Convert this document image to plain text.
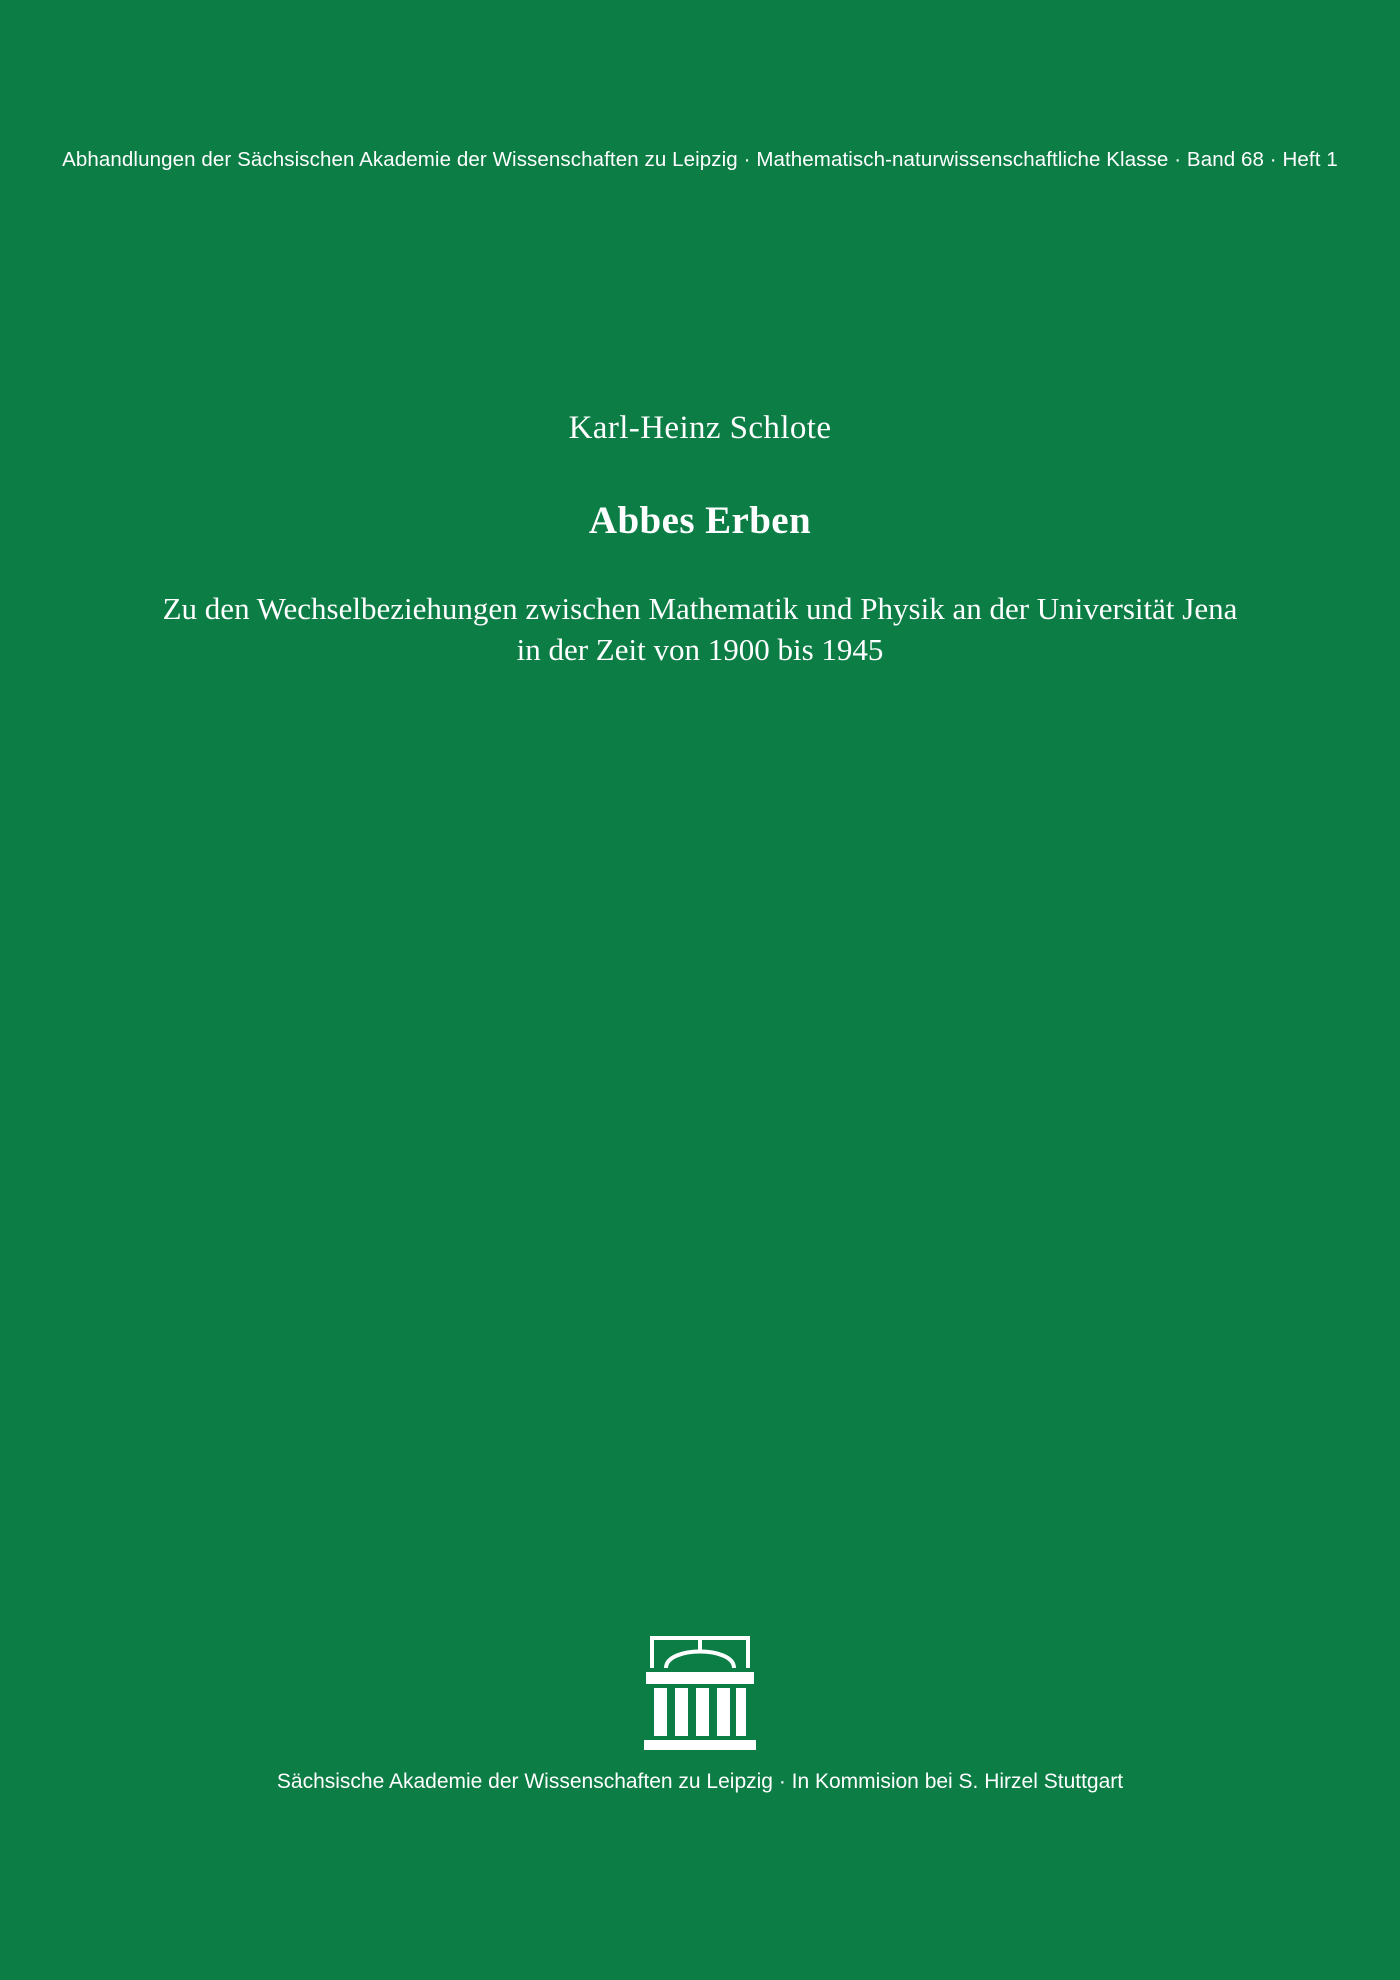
Abhandlungen der Sächsischen Akademie der Wissenschaften zu Leipzig · Mathematisch-naturwissenschaftliche Klasse · Band 68 · Heft 1
Karl-Heinz Schlote
Abbes Erben
Zu den Wechselbeziehungen zwischen Mathematik und Physik an der Universität Jena
in der Zeit von 1900 bis 1945
Sächsische Akademie der Wissenschaften zu Leipzig · In Kommision bei S. Hirzel Stuttgart
